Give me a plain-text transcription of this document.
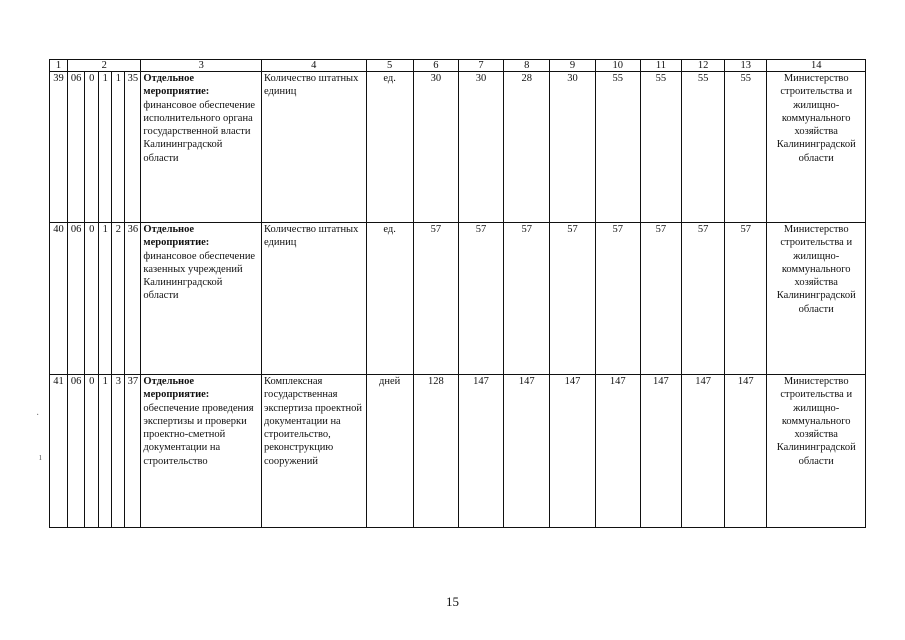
1	2					3	4	5	6	7	8	9	10	11	12	13	14
39	06	0	1	1	35	Отдельное мероприятие:
финансовое обеспечение исполнительного органа государственной власти Калининградской области	Количество штатных единиц	ед.	30	30	28	30	55	55	55	55	Министерство строительства и жилищно-коммунального хозяйства Калининградской области
40	06	0	1	2	36	Отдельное мероприятие:
финансовое обеспечение казенных учреждений Калининградской области	Количество штатных единиц	ед.	57	57	57	57	57	57	57	57	Министерство строительства и жилищно-коммунального хозяйства Калининградской области
41	06	0	1	3	37	Отдельное мероприятие:
обеспечение проведения экспертизы и проверки проектно-сметной документации на строительство	Комплексная государственная экспертиза проектной документации на строительство, реконструкцию сооружений	дней	128	147	147	147	147	147	147	147	Министерство строительства и жилищно-коммунального хозяйства Калининградской области
·
ı
15
